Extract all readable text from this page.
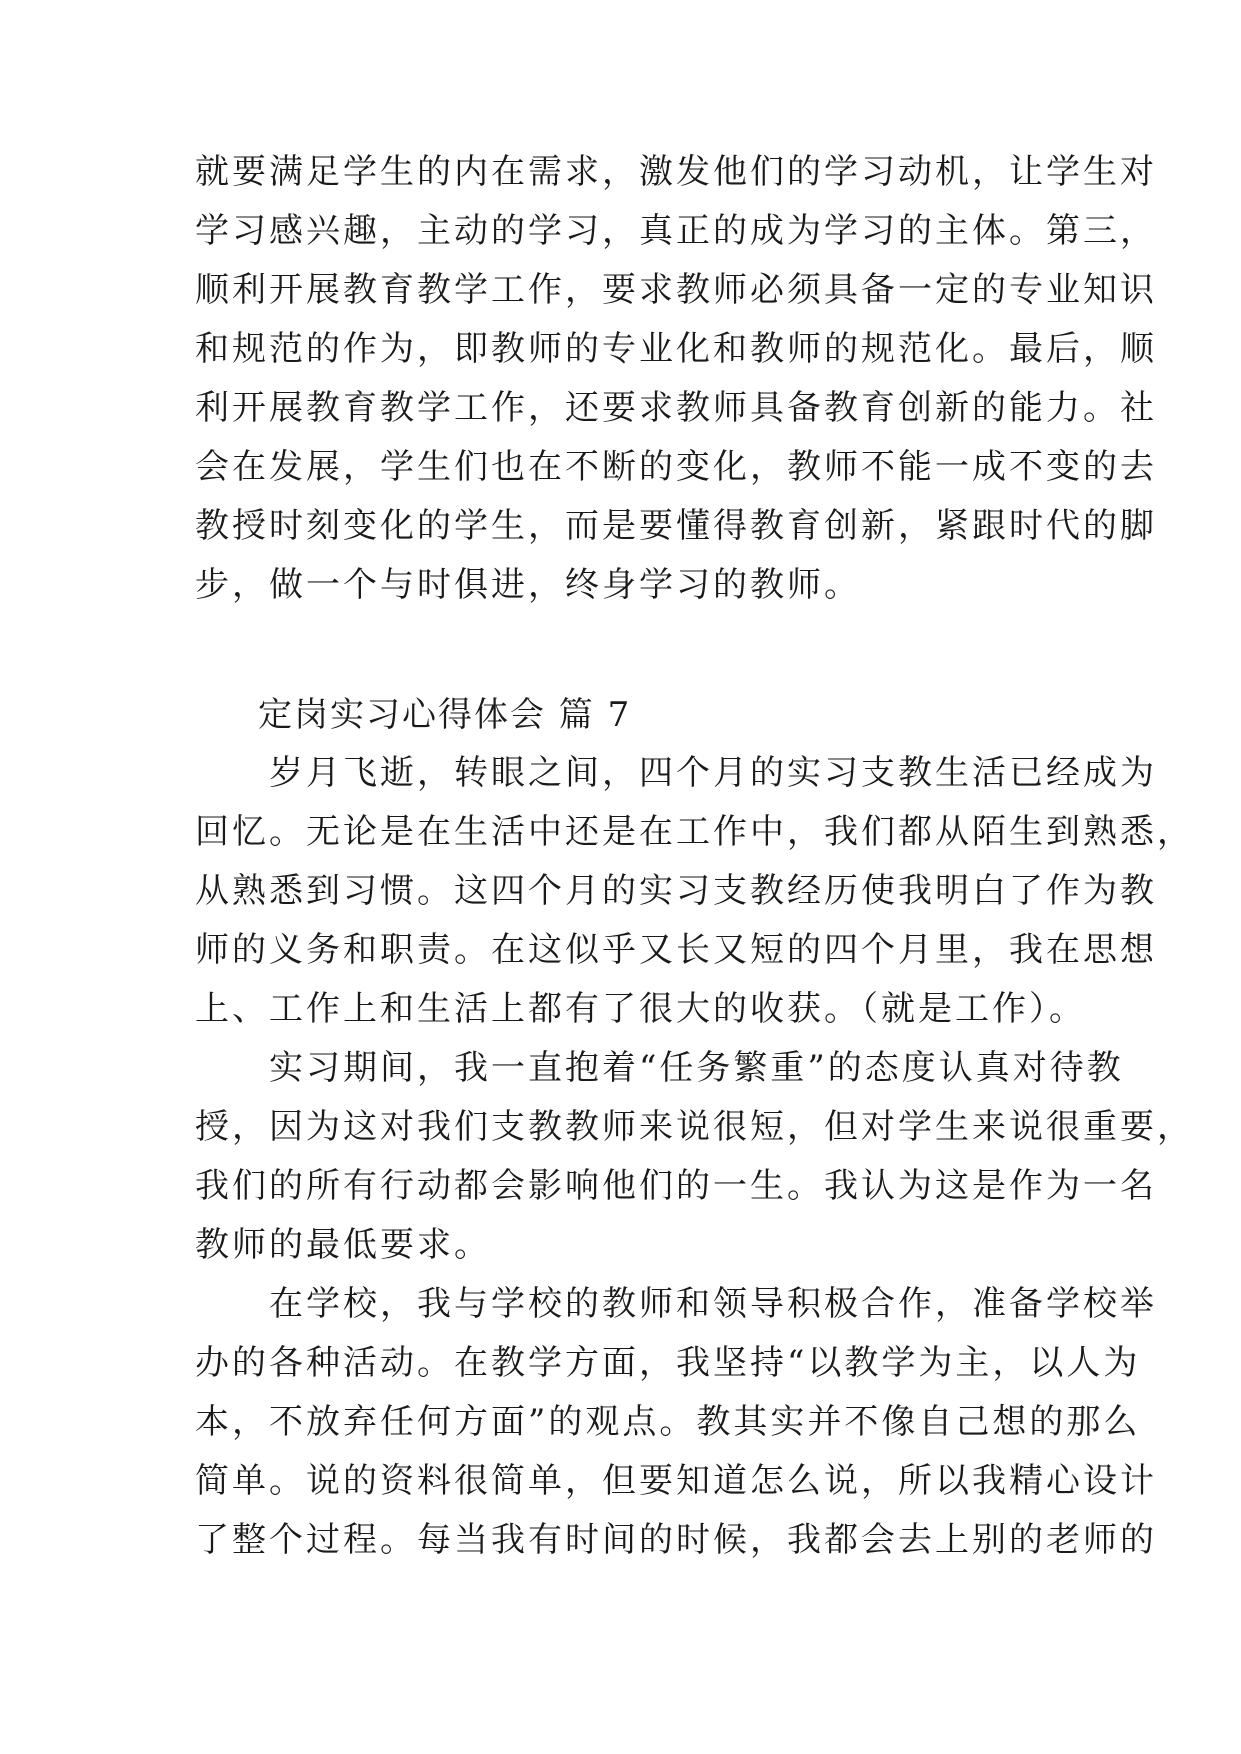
就要满足学生的内在需求，激发他们的学习动机，让学生对
学习感兴趣，主动的学习，真正的成为学习的主体。第三，
顺利开展教育教学工作，要求教师必须具备一定的专业知识
和规范的作为，即教师的专业化和教师的规范化。最后，顺
利开展教育教学工作，还要求教师具备教育创新的能力。社
会在发展，学生们也在不断的变化，教师不能一成不变的去
教授时刻变化的学生，而是要懂得教育创新，紧跟时代的脚
步，做一个与时俱进，终身学习的教师。
定岗实习心得体会 篇 7
　　岁月飞逝，转眼之间，四个月的实习支教生活已经成为
回忆。无论是在生活中还是在工作中，我们都从陌生到熟悉，
从熟悉到习惯。这四个月的实习支教经历使我明白了作为教
师的义务和职责。在这似乎又长又短的四个月里，我在思想
上、工作上和生活上都有了很大的收获。（就是工作）。
　　实习期间，我一直抱着“任务繁重”的态度认真对待教
授，因为这对我们支教教师来说很短，但对学生来说很重要，
我们的所有行动都会影响他们的一生。我认为这是作为一名
教师的最低要求。
　　在学校，我与学校的教师和领导积极合作，准备学校举
办的各种活动。在教学方面，我坚持“以教学为主，以人为
本，不放弃任何方面”的观点。教其实并不像自己想的那么
简单。说的资料很简单，但要知道怎么说，所以我精心设计
了整个过程。每当我有时间的时候，我都会去上别的老师的
